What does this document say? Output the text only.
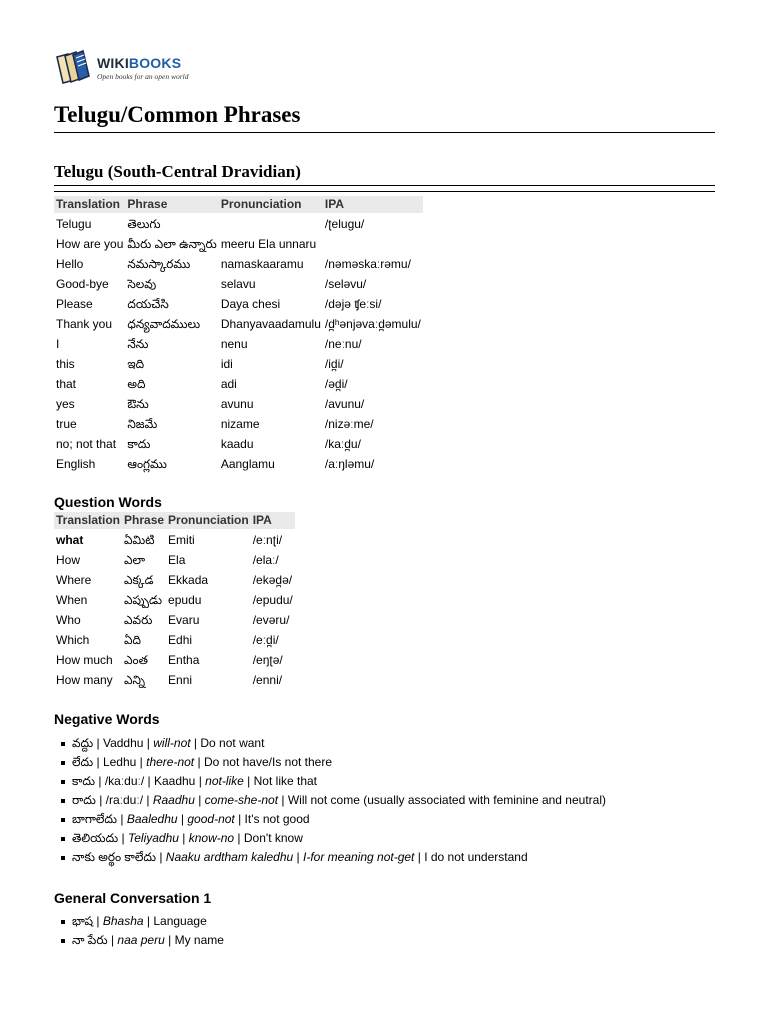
WIKIBOOKS
Open books for an open world
Telugu/Common Phrases
Telugu (South-Central Dravidian)
Translation	Phrase	Pronunciation	IPA
Telugu	తెలుగు		/ʈeluɡu/
How are you	మీరు ఎలా ఉన్నారు	meeru Ela unnaru	
Hello	నమస్కారము	namaskaaramu	/nəməskaːrəmu/
Good-bye	సెలవు	selavu	/seləvu/
Please	దయచేసి	Daya chesi	/dəjə ʧeːsi/
Thank you	ధన్యవాదములు	Dhanyavaadamulu	/d̪ʰənjəvaːd̪əmulu/
I	నేను	nenu	/neːnu/
this	ఇది	idi	/id̪i/
that	అది	adi	/əd̪i/
yes	ఔను	avunu	/avunu/
true	నిజమే	nizame	/nizəːme/
no; not that	కాదు	kaadu	/kaːd̪u/
English	ఆంగ్లము	Aanglamu	/aːŋləmu/
Question Words
Translation	Phrase	Pronunciation	IPA
what	ఏమిటి	Emiti	/eːnʈi/
How	ఎలా	Ela	/elaː/
Where	ఎక్కడ	Ekkada	/ekəd̪ə/
When	ఎప్పుడు	epudu	/epudu/
Who	ఎవరు	Evaru	/evəru/
Which	ఏది	Edhi	/eːd̪i/
How much	ఎంత	Entha	/eŋʈə/
How many	ఎన్ని	Enni	/enni/
Negative Words
వద్దు | Vaddhu | will-not | Do not want
లేదు | Ledhu | there-not | Do not have/Is not there
కాదు | /kaːduː/ | Kaadhu | not-like | Not like that
రాదు | /raːduː/ | Raadhu | come-she-not | Will not come (usually associated with feminine and neutral)
బాగాలేదు | Baaledhu | good-not | It's not good
తెలియదు | Teliyadhu | know-no | Don't know
నాకు అర్థం కాలేదు | Naaku ardtham kaledhu | I-for meaning not-get | I do not understand
General Conversation 1
భాష | Bhasha | Language
నా పేరు | naa peru | My name
